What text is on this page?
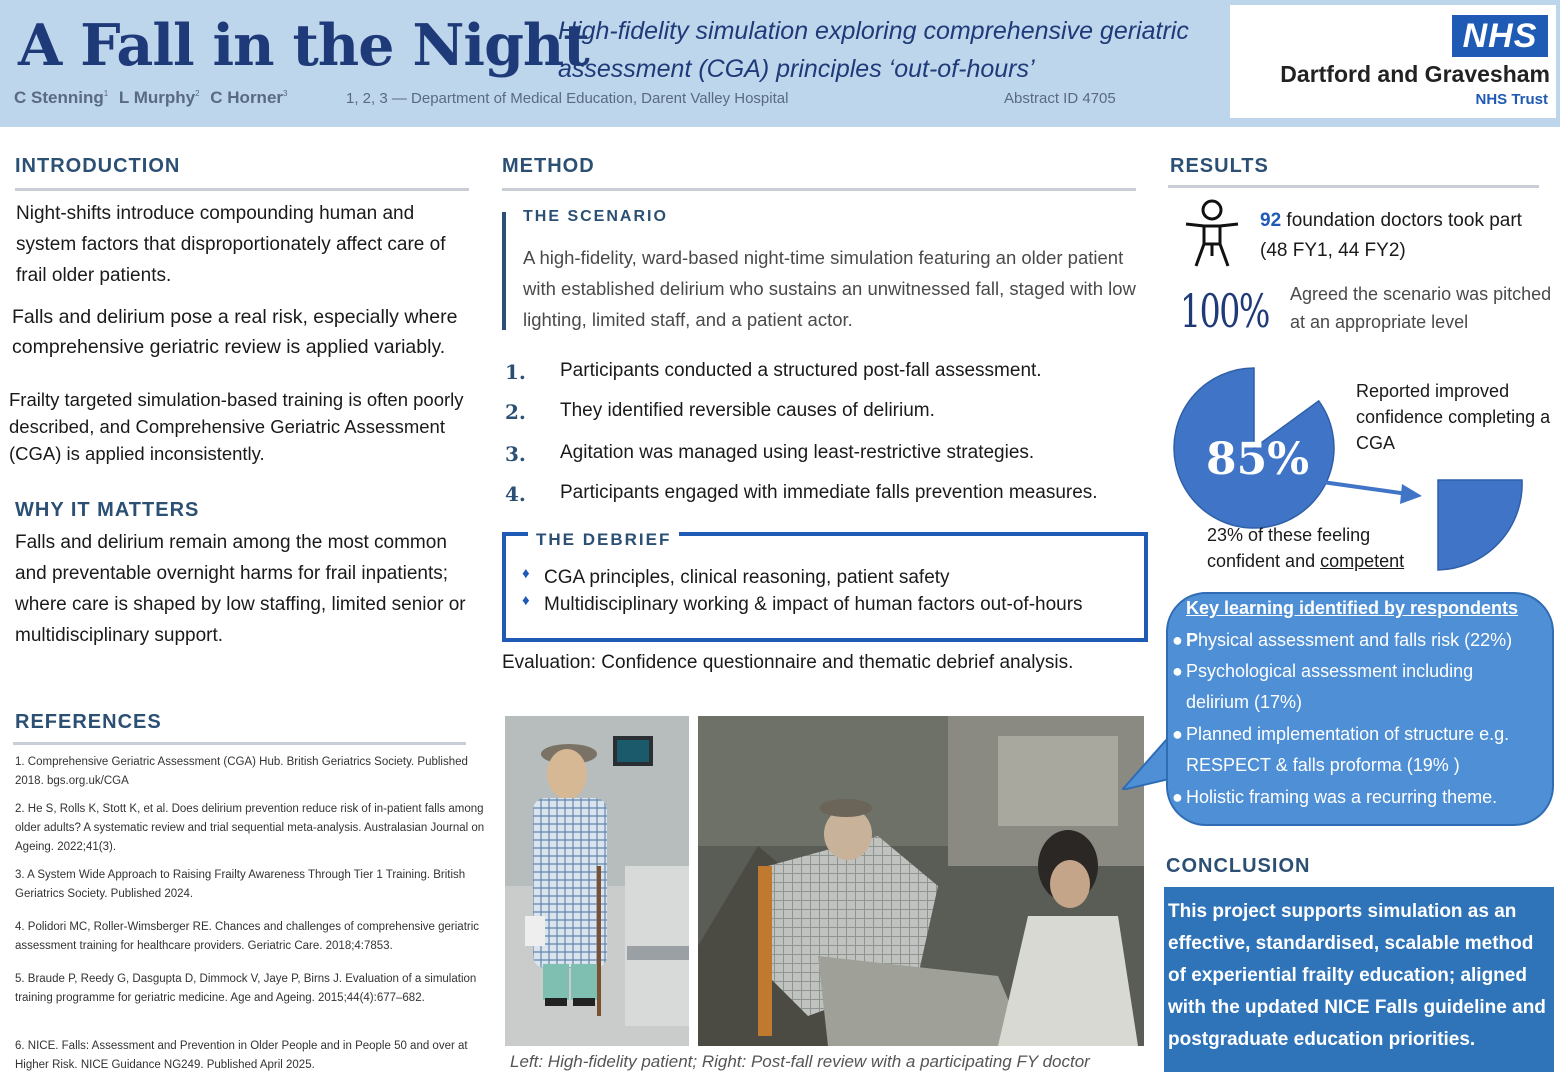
A Fall in the Night
High-fidelity simulation exploring comprehensive geriatric assessment (CGA) principles ‘out-of-hours’
C Stenning$^1$ L Murphy$^2$ C Horner$^3$	1, 2, 3 — Department of Medical Education, Darent Valley Hospital	Abstract ID 4705
NHS
Dartford and Gravesham
NHS Trust
INTRODUCTION
Night-shifts introduce compounding human and system factors that disproportionately affect care of frail older patients.
Falls and delirium pose a real risk, especially where comprehensive geriatric review is applied variably.
Frailty targeted simulation-based training is often poorly described, and Comprehensive Geriatric Assessment (CGA) is applied inconsistently.
WHY IT MATTERS
Falls and delirium remain among the most common and preventable overnight harms for frail inpatients; where care is shaped by low staffing, limited senior or multidisciplinary support.
REFERENCES
1. Comprehensive Geriatric Assessment (CGA) Hub. British Geriatrics Society. Published 2018. bgs.org.uk/CGA
2. He S, Rolls K, Stott K, et al. Does delirium prevention reduce risk of in-patient falls among older adults? A systematic review and trial sequential meta-analysis. Australasian Journal on Ageing. 2022;41(3).
3. A System Wide Approach to Raising Frailty Awareness Through Tier 1 Training. British Geriatrics Society. Published 2024.
4. Polidori MC, Roller-Wimsberger RE. Chances and challenges of comprehensive geriatric assessment training for healthcare providers. Geriatric Care. 2018;4:7853.
5. Braude P, Reedy G, Dasgupta D, Dimmock V, Jaye P, Birns J. Evaluation of a simulation training programme for geriatric medicine. Age and Ageing. 2015;44(4):677–682.
6. NICE. Falls: Assessment and Prevention in Older People and in People 50 and over at Higher Risk. NICE Guidance NG249. Published April 2025.
METHOD
THE SCENARIO
A high-fidelity, ward-based night-time simulation featuring an older patient with established delirium who sustains an unwitnessed fall, staged with low lighting, limited staff, and a patient actor.
1. Participants conducted a structured post-fall assessment.
2. They identified reversible causes of delirium.
3. Agitation was managed using least-restrictive strategies.
4. Participants engaged with immediate falls prevention measures.
THE DEBRIEF
♦ CGA principles, clinical reasoning, patient safety
♦ Multidisciplinary working & impact of human factors out-of-hours
Evaluation: Confidence questionnaire and thematic debrief analysis.
Left: High-fidelity patient; Right: Post-fall review with a participating FY doctor
RESULTS
92 foundation doctors took part (48 FY1, 44 FY2)
100% Agreed the scenario was pitched at an appropriate level
85%
Reported improved confidence completing a CGA
23% of these feeling confident and competent
Key learning identified by respondents
● Physical assessment and falls risk (22%)
● Psychological assessment including delirium (17%)
● Planned implementation of structure e.g. RESPECT & falls proforma (19% )
● Holistic framing was a recurring theme.
CONCLUSION
This project supports simulation as an effective, standardised, scalable method of experiential frailty education; aligned with the updated NICE Falls guideline and postgraduate education priorities.
